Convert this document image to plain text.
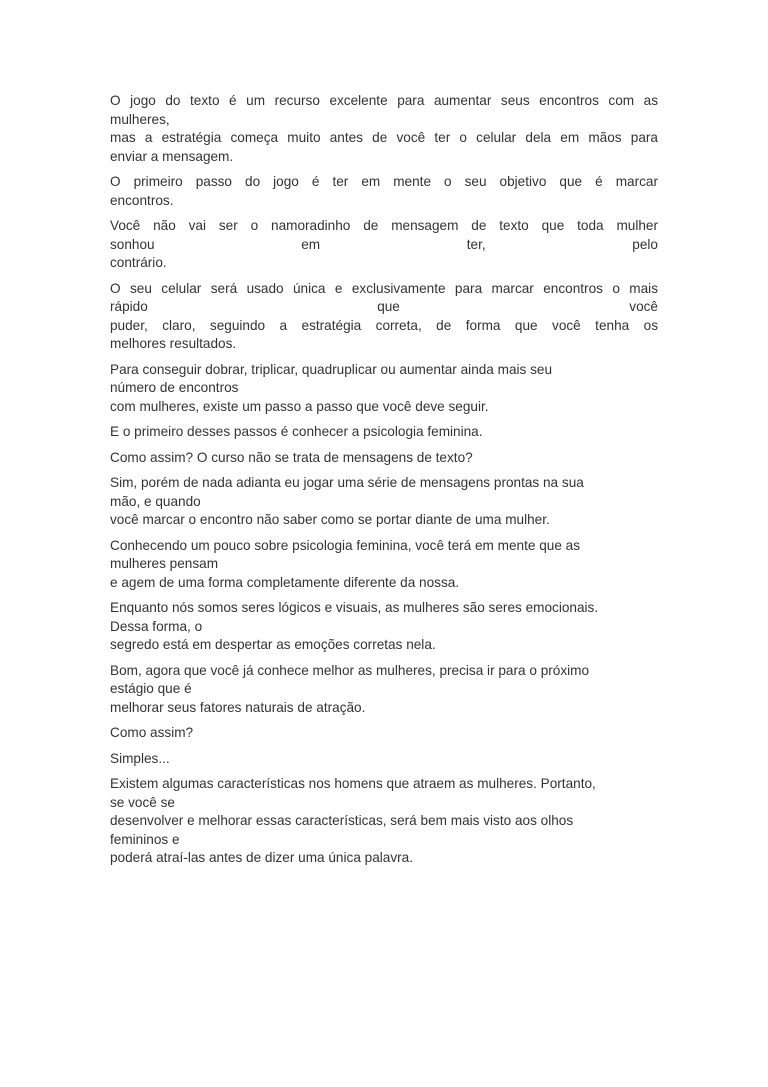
O jogo do texto é um recurso excelente para aumentar seus encontros com as
mulheres,
mas a estratégia começa muito antes de você ter o celular dela em mãos para
enviar a mensagem.
O primeiro passo do jogo é ter em mente o seu objetivo que é marcar
encontros.
Você não vai ser o namoradinho de mensagem de texto que toda mulher
sonhou em ter, pelo
contrário.
O seu celular será usado única e exclusivamente para marcar encontros o mais
rápido que você
puder, claro, seguindo a estratégia correta, de forma que você tenha os
melhores resultados.
Para conseguir dobrar, triplicar, quadruplicar ou aumentar ainda mais seu
número de encontros
com mulheres, existe um passo a passo que você deve seguir.
E o primeiro desses passos é conhecer a psicologia feminina.
Como assim? O curso não se trata de mensagens de texto?
Sim, porém de nada adianta eu jogar uma série de mensagens prontas na sua
mão, e quando
você marcar o encontro não saber como se portar diante de uma mulher.
Conhecendo um pouco sobre psicologia feminina, você terá em mente que as
mulheres pensam
e agem de uma forma completamente diferente da nossa.
Enquanto nós somos seres lógicos e visuais, as mulheres são seres emocionais.
Dessa forma, o
segredo está em despertar as emoções corretas nela.
Bom, agora que você já conhece melhor as mulheres, precisa ir para o próximo
estágio que é
melhorar seus fatores naturais de atração.
Como assim?
Simples...
Existem algumas características nos homens que atraem as mulheres. Portanto,
se você se
desenvolver e melhorar essas características, será bem mais visto aos olhos
femininos e
poderá atraí-las antes de dizer uma única palavra.
